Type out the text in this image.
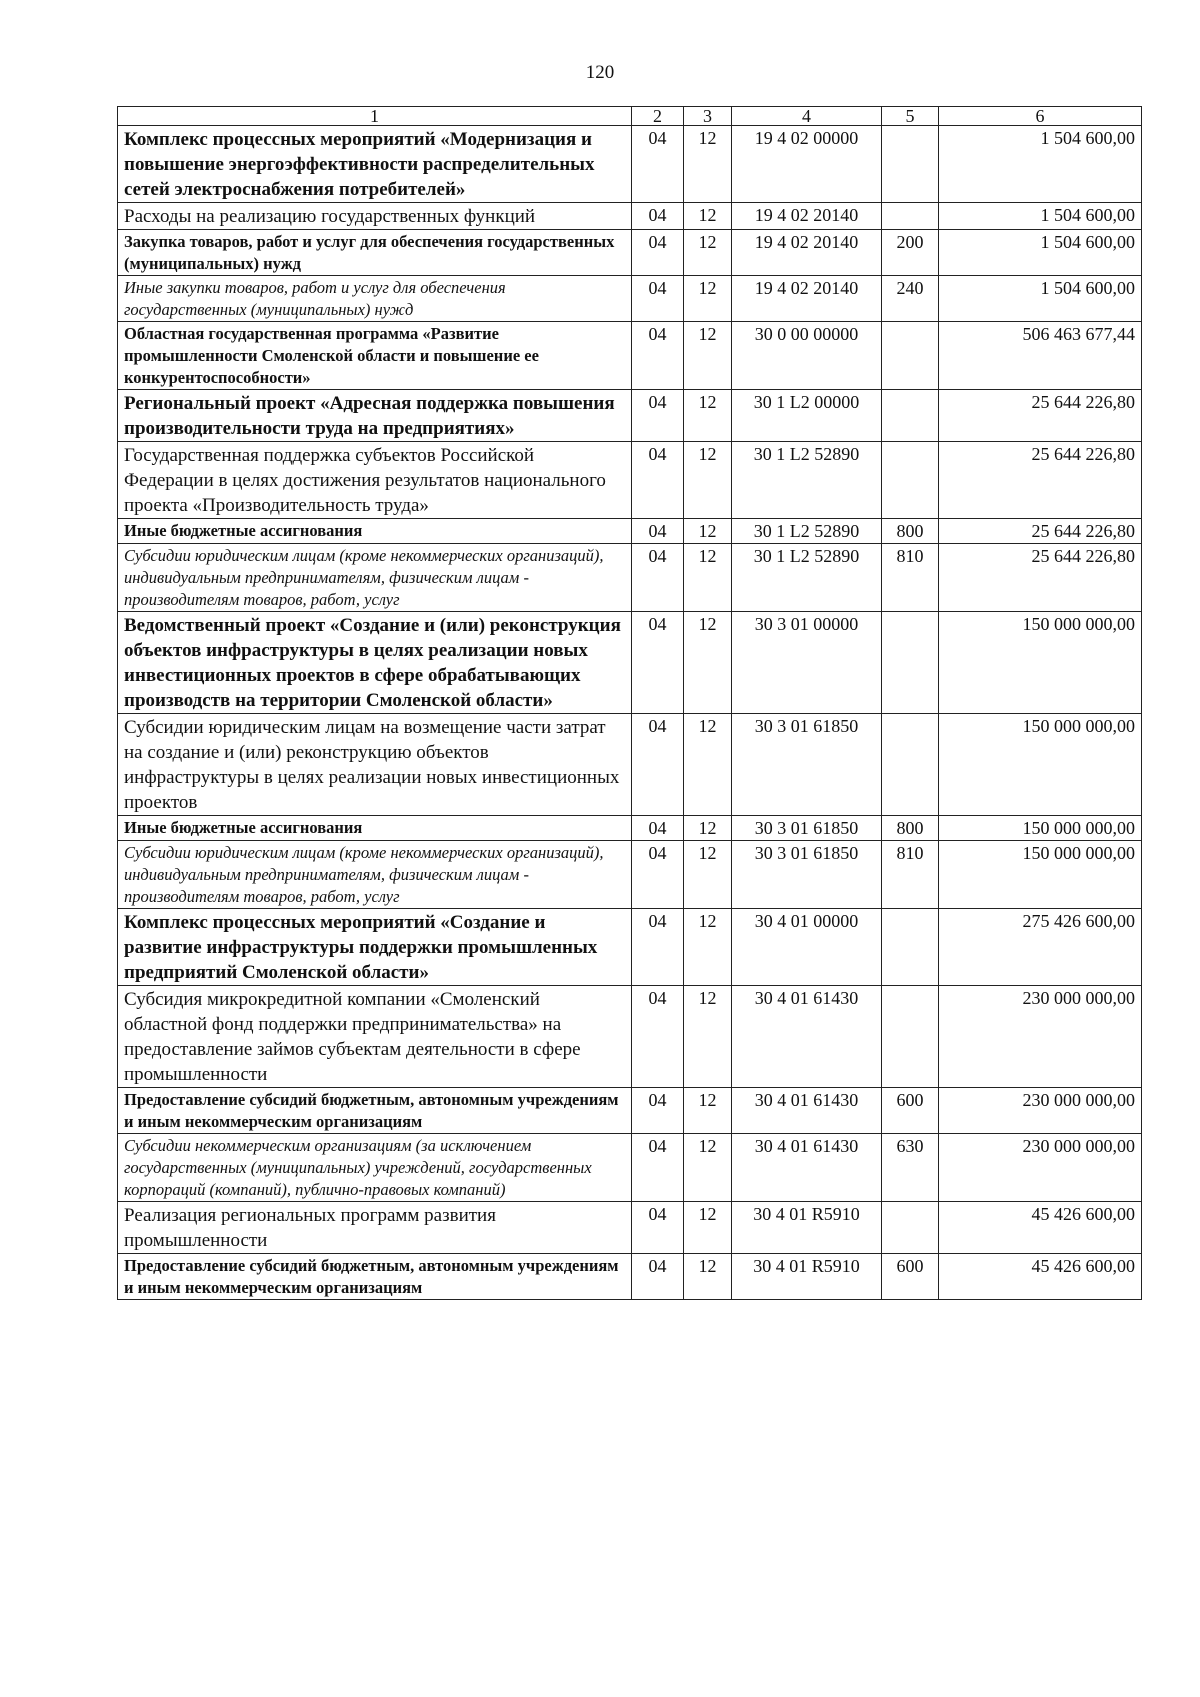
120
1	2	3	4	5	6
Комплекс процессных мероприятий «Модернизация и повышение энергоэффективности распределительных сетей электроснабжения потребителей»	04	12	19 4 02 00000		1 504 600,00
Расходы на реализацию государственных функций	04	12	19 4 02 20140		1 504 600,00
Закупка товаров, работ и услуг для обеспечения государственных (муниципальных) нужд	04	12	19 4 02 20140	200	1 504 600,00
Иные закупки товаров, работ и услуг для обеспечения государственных (муниципальных) нужд	04	12	19 4 02 20140	240	1 504 600,00
Областная государственная программа «Развитие промышленности Смоленской области и повышение ее конкурентоспособности»	04	12	30 0 00 00000		506 463 677,44
Региональный проект «Адресная поддержка повышения производительности труда на предприятиях»	04	12	30 1 L2 00000		25 644 226,80
Государственная поддержка субъектов Российской Федерации в целях достижения результатов национального проекта «Производительность труда»	04	12	30 1 L2 52890		25 644 226,80
Иные бюджетные ассигнования	04	12	30 1 L2 52890	800	25 644 226,80
Субсидии юридическим лицам (кроме некоммерческих организаций), индивидуальным предпринимателям, физическим лицам - производителям товаров, работ, услуг	04	12	30 1 L2 52890	810	25 644 226,80
Ведомственный проект «Создание и (или) реконструкция объектов инфраструктуры в целях реализации новых инвестиционных проектов в сфере обрабатывающих производств на территории Смоленской области»	04	12	30 3 01 00000		150 000 000,00
Субсидии юридическим лицам на возмещение части затрат на создание и (или) реконструкцию объектов инфраструктуры в целях реализации новых инвестиционных проектов	04	12	30 3 01 61850		150 000 000,00
Иные бюджетные ассигнования	04	12	30 3 01 61850	800	150 000 000,00
Субсидии юридическим лицам (кроме некоммерческих организаций), индивидуальным предпринимателям, физическим лицам - производителям товаров, работ, услуг	04	12	30 3 01 61850	810	150 000 000,00
Комплекс процессных мероприятий «Создание и развитие инфраструктуры поддержки промышленных предприятий Смоленской области»	04	12	30 4 01 00000		275 426 600,00
Субсидия микрокредитной компании «Смоленский областной фонд поддержки предпринимательства» на предоставление займов субъектам деятельности в сфере промышленности	04	12	30 4 01 61430		230 000 000,00
Предоставление субсидий бюджетным, автономным учреждениям и иным некоммерческим организациям	04	12	30 4 01 61430	600	230 000 000,00
Субсидии некоммерческим организациям (за исключением государственных (муниципальных) учреждений, государственных корпораций (компаний), публично-правовых компаний)	04	12	30 4 01 61430	630	230 000 000,00
Реализация региональных программ развития промышленности	04	12	30 4 01 R5910		45 426 600,00
Предоставление субсидий бюджетным, автономным учреждениям и иным некоммерческим организациям	04	12	30 4 01 R5910	600	45 426 600,00
